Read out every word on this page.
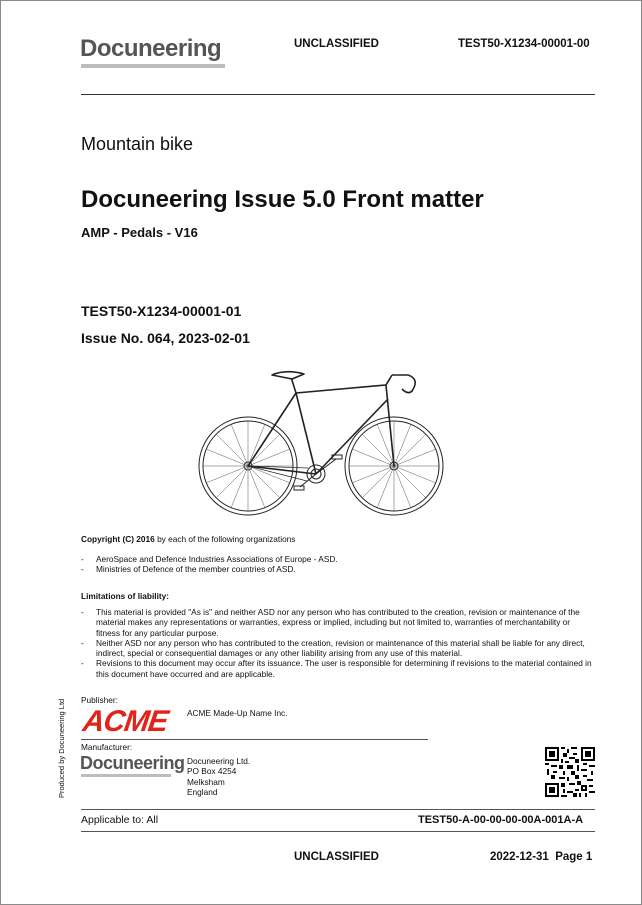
Docuneering	UNCLASSIFIED	TEST50-X1234-00001-00
Mountain bike
Docuneering Issue 5.0 Front matter
AMP - Pedals - V16
TEST50-X1234-00001-01
Issue No. 064, 2023-02-01
Copyright (C) 2016 by each of the following organizations
- AeroSpace and Defence Industries Associations of Europe - ASD.
- Ministries of Defence of the member countries of ASD.
Limitations of liability:
- This material is provided "As is" and neither ASD nor any person who has contributed to the creation, revision or maintenance of the material makes any representations or warranties, express or implied, including but not limited to, warranties of merchantability or fitness for any particular purpose.
- Neither ASD nor any person who has contributed to the creation, revision or maintenance of this material shall be liable for any direct, indirect, special or consequential damages or any other liability arising from any use of this material.
- Revisions to this document may occur after its issuance. The user is responsible for determining if revisions to the material contained in this document have occurred and are applicable.
Publisher:
ACME ACME Made-Up Name Inc.
Manufacturer:
Docuneering Docuneering Ltd.
PO Box 4254
Melksham
England
Produced by Docuneering Ltd
Applicable to: All	TEST50-A-00-00-00-00A-001A-A
UNCLASSIFIED	2022-12-31  Page 1
